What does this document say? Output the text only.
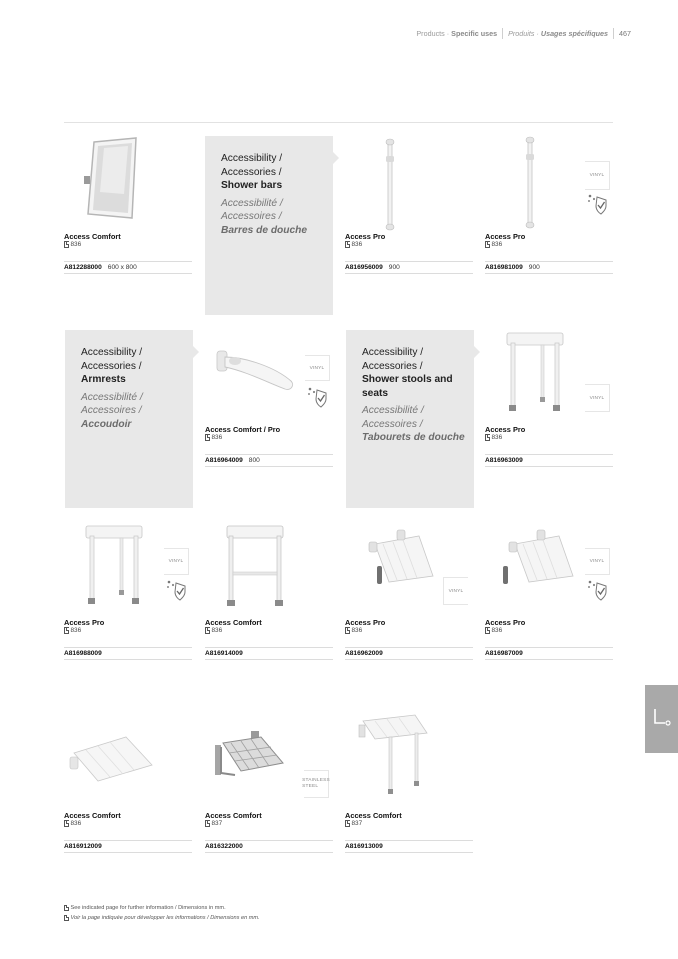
Products · Specific uses Produits · Usages spécifiques 467
Access Comfort
836
A812288000 600 x 800
Accessibility /
Accessories /
Shower bars
Accessibilité /
Accessoires /
Barres de douche
Access Pro
836
A816956009 900
VINYL
Access Pro
836
A816981009 900
Accessibility /
Accessories /
Armrests
Accessibilité /
Accessoires /
Accoudoir
VINYL
Access Comfort / Pro
836
A816964009 800
Accessibility /
Accessories /
Shower stools and seats
Accessibilité /
Accessoires /
Tabourets de douche
VINYL
Access Pro
836
A816963009
VINYL
Access Pro
836
A816988009
Access Comfort
836
A816914009
VINYL
Access Pro
836
A816962009
VINYL
Access Pro
836
A816987009
Access Comfort
836
A816912009
STAINLESS STEEL
Access Comfort
837
A816322000
Access Comfort
837
A816913009
See indicated page for further information / Dimensions in mm.
Voir la page indiquée pour développer les informations / Dimensions en mm.
